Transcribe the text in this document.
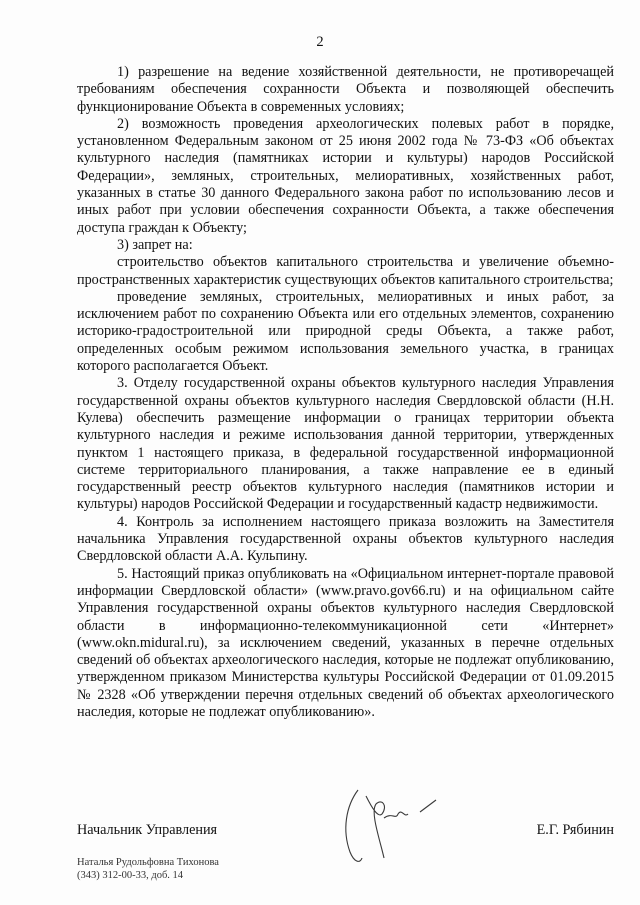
2

1) разрешение на ведение хозяйственной деятельности, не противоречащей требованиям обеспечения сохранности Объекта и позволяющей обеспечить функционирование Объекта в современных условиях;

2) возможность проведения археологических полевых работ в порядке, установленном Федеральным законом от 25 июня 2002 года № 73-ФЗ «Об объектах культурного наследия (памятниках истории и культуры) народов Российской Федерации», земляных, строительных, мелиоративных, хозяйственных работ, указанных в статье 30 данного Федерального закона работ по использованию лесов и иных работ при условии обеспечения сохранности Объекта, а также обеспечения доступа граждан к Объекту;

3) запрет на:

строительство объектов капитального строительства и увеличение объемно-пространственных характеристик существующих объектов капитального строительства;

проведение земляных, строительных, мелиоративных и иных работ, за исключением работ по сохранению Объекта или его отдельных элементов, сохранению историко-градостроительной или природной среды Объекта, а также работ, определенных особым режимом использования земельного участка, в границах которого располагается Объект.

3. Отделу государственной охраны объектов культурного наследия Управления государственной охраны объектов культурного наследия Свердловской области (Н.Н. Кулева) обеспечить размещение информации о границах территории объекта культурного наследия и режиме использования данной территории, утвержденных пунктом 1 настоящего приказа, в федеральной государственной информационной системе территориального планирования, а также направление ее в единый государственный реестр объектов культурного наследия (памятников истории и культуры) народов Российской Федерации и государственный кадастр недвижимости.

4. Контроль за исполнением настоящего приказа возложить на Заместителя начальника Управления государственной охраны объектов культурного наследия Свердловской области А.А. Кульпину.

5. Настоящий приказ опубликовать на «Официальном интернет-портале правовой информации Свердловской области» (www.pravo.gov66.ru) и на официальном сайте Управления государственной охраны объектов культурного наследия Свердловской области в информационно-телекоммуникационной сети «Интернет» (www.okn.midural.ru), за исключением сведений, указанных в перечне отдельных сведений об объектах археологического наследия, которые не подлежат опубликованию, утвержденном приказом Министерства культуры Российской Федерации от 01.09.2015 № 2328 «Об утверждении перечня отдельных сведений об объектах археологического наследия, которые не подлежат опубликованию».

Начальник Управления	Е.Г. Рябинин
Наталья Рудольфовна Тихонова
(343) 312-00-33, доб. 14
